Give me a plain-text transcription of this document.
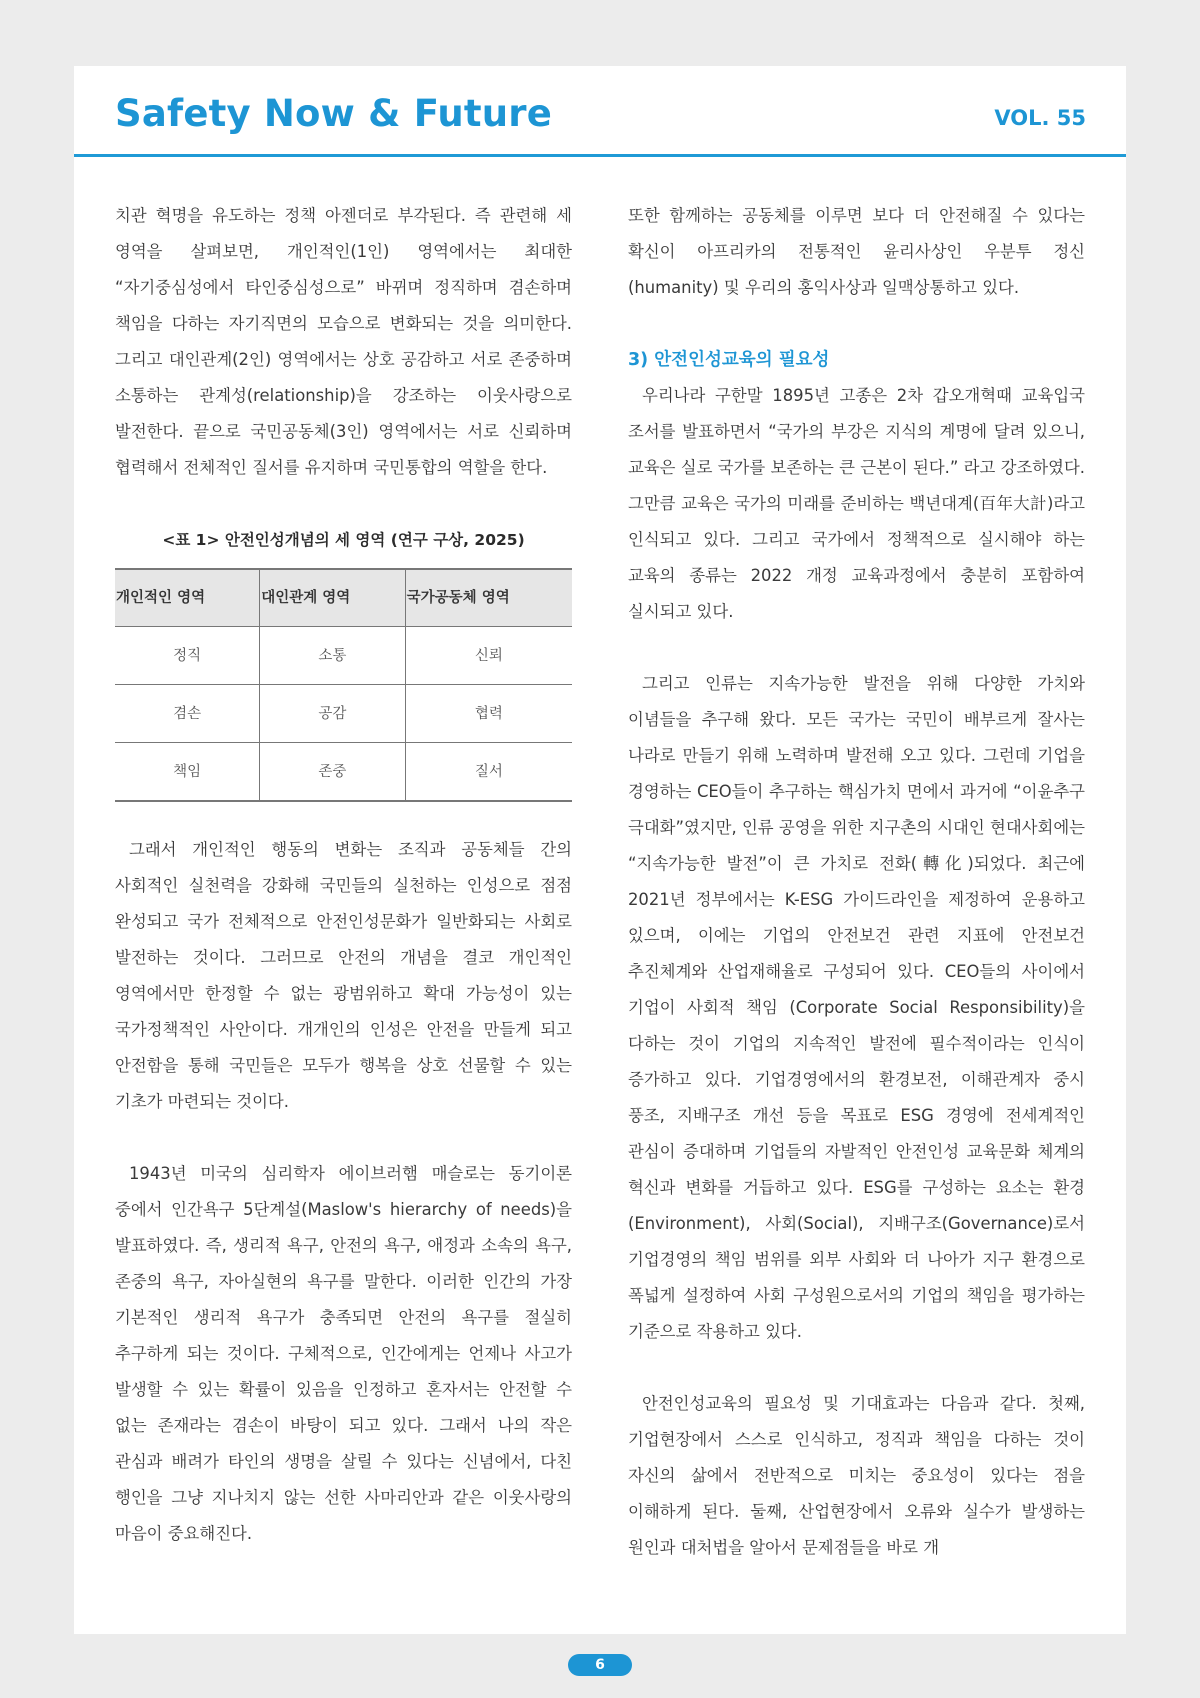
Safety Now & Future	VOL. 55

치관 혁명을 유도하는 정책 아젠더로 부각된다. 즉 관련해 세 영역을 살펴보면, 개인적인(1인) 영역에서는 최대한 “자기중심성에서 타인중심성으로” 바뀌며 정직하며 겸손하며 책임을 다하는 자기직면의 모습으로 변화되는 것을 의미한다. 그리고 대인관계(2인) 영역에서는 상호 공감하고 서로 존중하며 소통하는 관계성(relationship)을 강조하는 이웃사랑으로 발전한다. 끝으로 국민공동체(3인) 영역에서는 서로 신뢰하며 협력해서 전체적인 질서를 유지하며 국민통합의 역할을 한다.

<표 1> 안전인성개념의 세 영역 (연구 구상, 2025)

개인적인 영역	대인관계 영역	국가공동체 영역
정직	소통	신뢰
겸손	공감	협력
책임	존중	질서

그래서 개인적인 행동의 변화는 조직과 공동체들 간의 사회적인 실천력을 강화해 국민들의 실천하는 인성으로 점점 완성되고 국가 전체적으로 안전인성문화가 일반화되는 사회로 발전하는 것이다. 그러므로 안전의 개념을 결코 개인적인 영역에서만 한정할 수 없는 광범위하고 확대 가능성이 있는 국가정책적인 사안이다. 개개인의 인성은 안전을 만들게 되고 안전함을 통해 국민들은 모두가 행복을 상호 선물할 수 있는 기초가 마련되는 것이다.

1943년 미국의 심리학자 에이브러햄 매슬로는 동기이론 중에서 인간욕구 5단계설(Maslow's hierarchy of needs)을 발표하였다. 즉, 생리적 욕구, 안전의 욕구, 애정과 소속의 욕구, 존중의 욕구, 자아실현의 욕구를 말한다. 이러한 인간의 가장 기본적인 생리적 욕구가 충족되면 안전의 욕구를 절실히 추구하게 되는 것이다. 구체적으로, 인간에게는 언제나 사고가 발생할 수 있는 확률이 있음을 인정하고 혼자서는 안전할 수 없는 존재라는 겸손이 바탕이 되고 있다. 그래서 나의 작은 관심과 배려가 타인의 생명을 살릴 수 있다는 신념에서, 다친 행인을 그냥 지나치지 않는 선한 사마리안과 같은 이웃사랑의 마음이 중요해진다.

또한 함께하는 공동체를 이루면 보다 더 안전해질 수 있다는 확신이 아프리카의 전통적인 윤리사상인 우분투 정신(humanity) 및 우리의 홍익사상과 일맥상통하고 있다.

3) 안전인성교육의 필요성

우리나라 구한말 1895년 고종은 2차 갑오개혁때 교육입국 조서를 발표하면서 “국가의 부강은 지식의 계명에 달려 있으니, 교육은 실로 국가를 보존하는 큰 근본이 된다.” 라고 강조하였다. 그만큼 교육은 국가의 미래를 준비하는 백년대계(百年大計)라고 인식되고 있다. 그리고 국가에서 정책적으로 실시해야 하는 교육의 종류는 2022 개정 교육과정에서 충분히 포함하여 실시되고 있다.

그리고 인류는 지속가능한 발전을 위해 다양한 가치와 이념들을 추구해 왔다. 모든 국가는 국민이 배부르게 잘사는 나라로 만들기 위해 노력하며 발전해 오고 있다. 그런데 기업을 경영하는 CEO들이 추구하는 핵심가치 면에서 과거에 “이윤추구 극대화”였지만, 인류 공영을 위한 지구촌의 시대인 현대사회에는 “지속가능한 발전”이 큰 가치로 전화(轉化)되었다. 최근에 2021년 정부에서는 K-ESG 가이드라인을 제정하여 운용하고 있으며, 이에는 기업의 안전보건 관련 지표에 안전보건 추진체계와 산업재해율로 구성되어 있다. CEO들의 사이에서 기업이 사회적 책임 (Corporate Social Responsibility)을 다하는 것이 기업의 지속적인 발전에 필수적이라는 인식이 증가하고 있다. 기업경영에서의 환경보전, 이해관계자 중시 풍조, 지배구조 개선 등을 목표로 ESG 경영에 전세계적인 관심이 증대하며 기업들의 자발적인 안전인성 교육문화 체계의 혁신과 변화를 거듭하고 있다. ESG를 구성하는 요소는 환경(Environment), 사회(Social), 지배구조(Governance)로서 기업경영의 책임 범위를 외부 사회와 더 나아가 지구 환경으로 폭넓게 설정하여 사회 구성원으로서의 기업의 책임을 평가하는 기준으로 작용하고 있다.

안전인성교육의 필요성 및 기대효과는 다음과 같다. 첫째, 기업현장에서 스스로 인식하고, 정직과 책임을 다하는 것이 자신의 삶에서 전반적으로 미치는 중요성이 있다는 점을 이해하게 된다. 둘째, 산업현장에서 오류와 실수가 발생하는 원인과 대처법을 알아서 문제점들을 바로 개

6
